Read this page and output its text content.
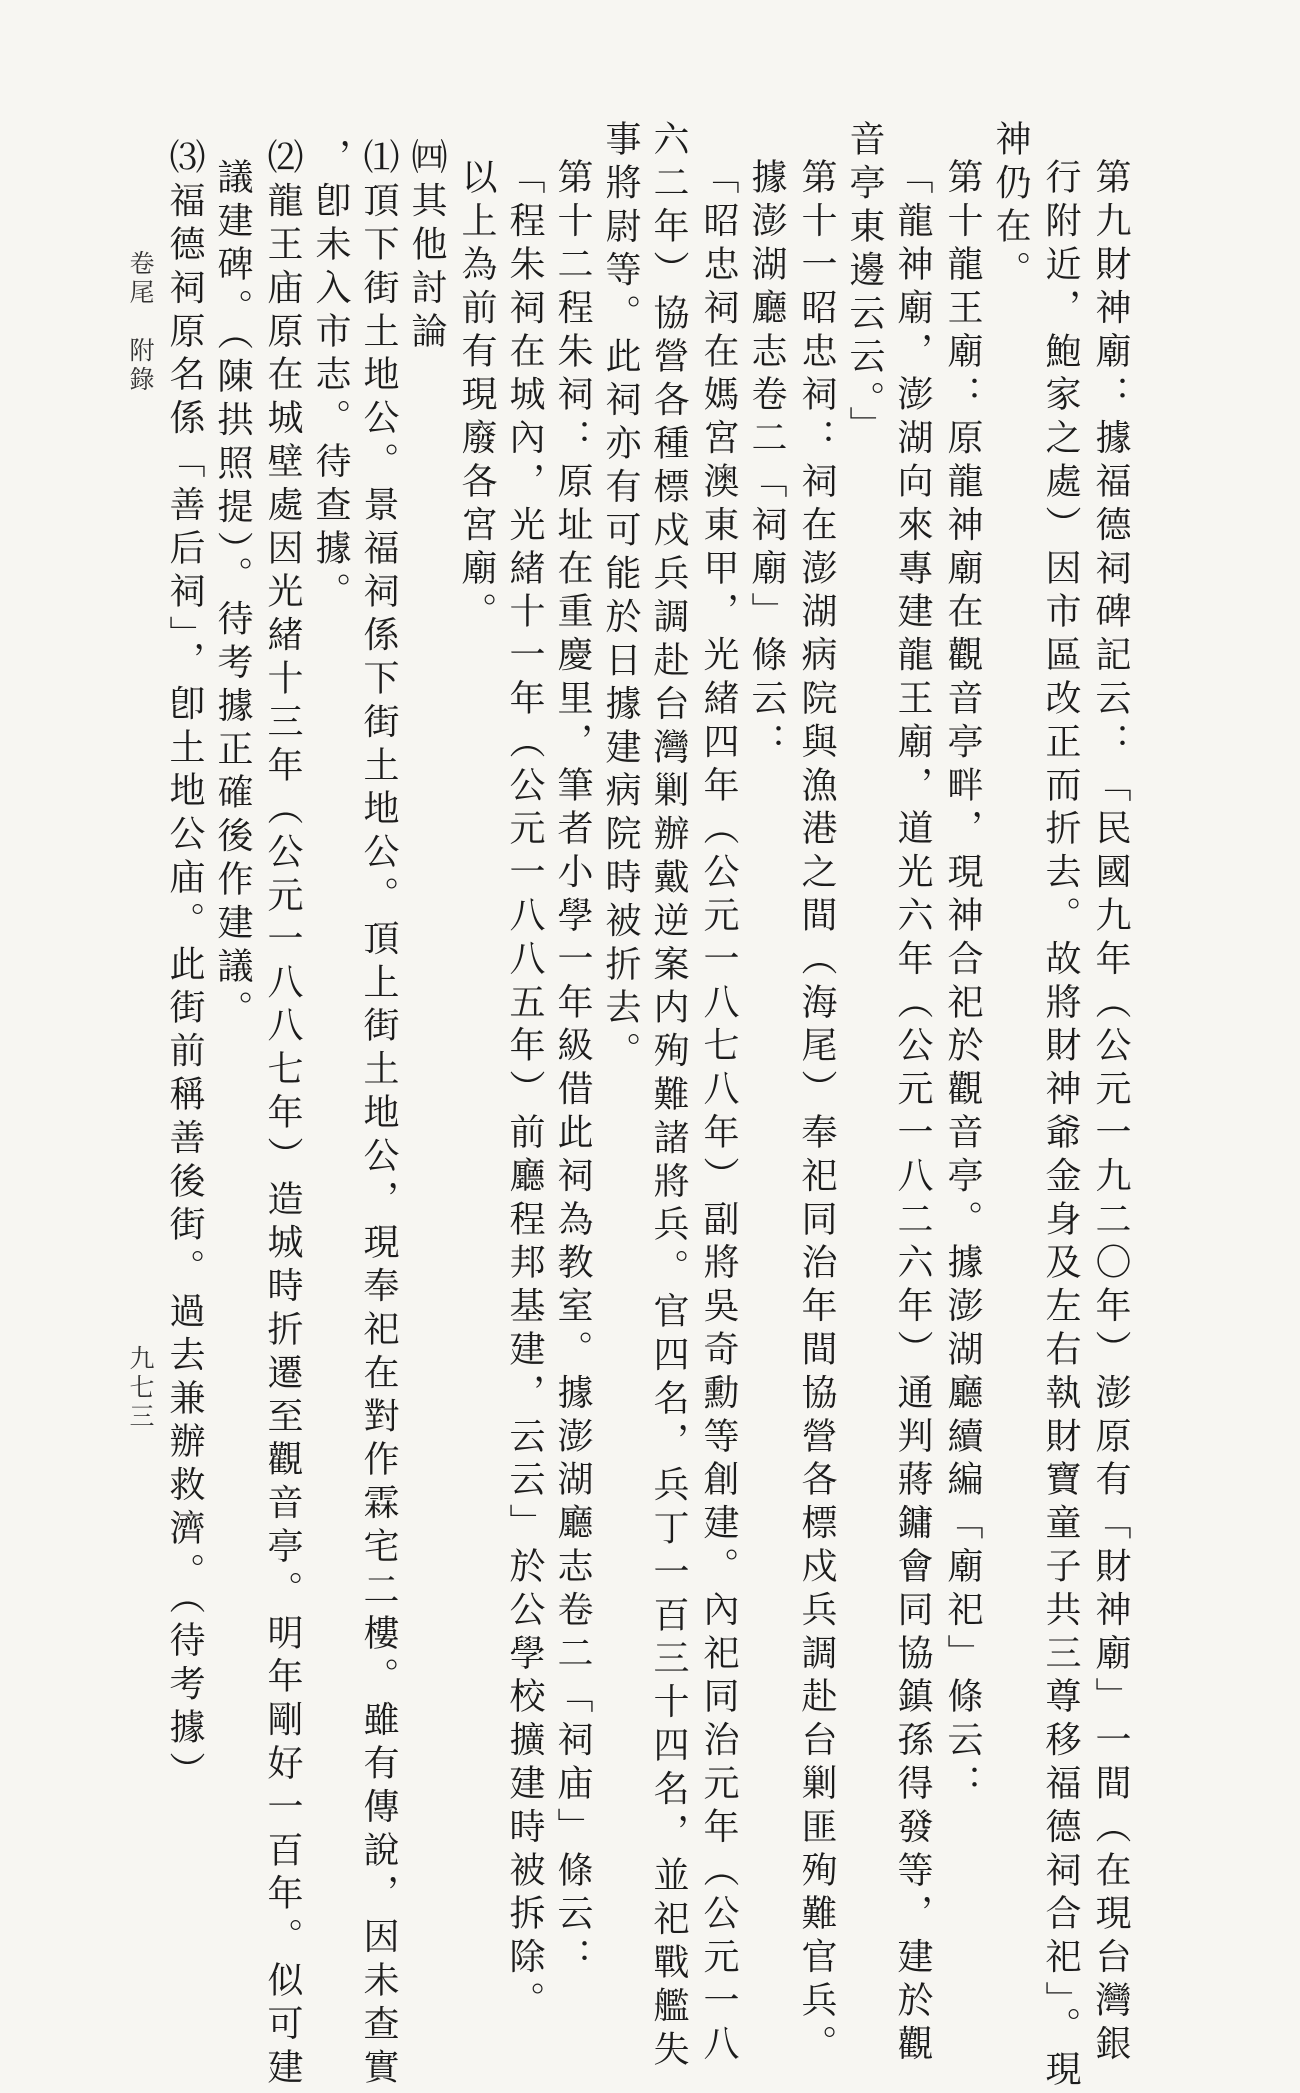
第九財神廟：據福德祠碑記云：「民國九年（公元一九二〇年）澎原有「財神廟」一間（在現台灣銀
行附近，鮑家之處）因市區改正而折去。故將財神爺金身及左右執財寶童子共三尊移福德祠合祀」。現
神仍在。
第十龍王廟：原龍神廟在觀音亭畔，現神合祀於觀音亭。據澎湖廳續編「廟祀」條云：
「龍神廟，澎湖向來專建龍王廟，道光六年（公元一八二六年）通判蔣鏞會同協鎮孫得發等，建於觀
音亭東邊云云。」
第十一昭忠祠：祠在澎湖病院與漁港之間（海尾）奉祀同治年間協營各標戍兵調赴台剿匪殉難官兵。
據澎湖廳志卷二「祠廟」條云：
「昭忠祠在媽宮澳東甲，光緒四年（公元一八七八年）副將吳奇勳等創建。內祀同治元年（公元一八
六二年）協營各種標戍兵調赴台灣剿辦戴逆案内殉難諸將兵。官四名，兵丁一百三十四名，並祀戰艦失
事將尉等。此祠亦有可能於日據建病院時被折去。
第十二程朱祠：原址在重慶里，筆者小學一年級借此祠為教室。據澎湖廳志卷二「祠庙」條云：
「程朱祠在城內，光緒十一年（公元一八八五年）前廳程邦基建，云云」於公學校擴建時被拆除。
以上為前有現廢各宮廟。
㈣其他討論
⑴頂下街土地公。景福祠係下街土地公。頂上街土地公，現奉祀在對作霖宅二樓。雖有傳說，因未查實
，卽未入市志。待查據。
⑵龍王庙原在城壁處因光緒十三年（公元一八八七年）造城時折遷至觀音亭。明年剛好一百年。似可建
議建碑。（陳拱照提）。待考據正確後作建議。
⑶福德祠原名係「善后祠」，卽土地公庙。此街前稱善後街。過去兼辦救濟。（待考據）
卷尾　附錄
九七三
